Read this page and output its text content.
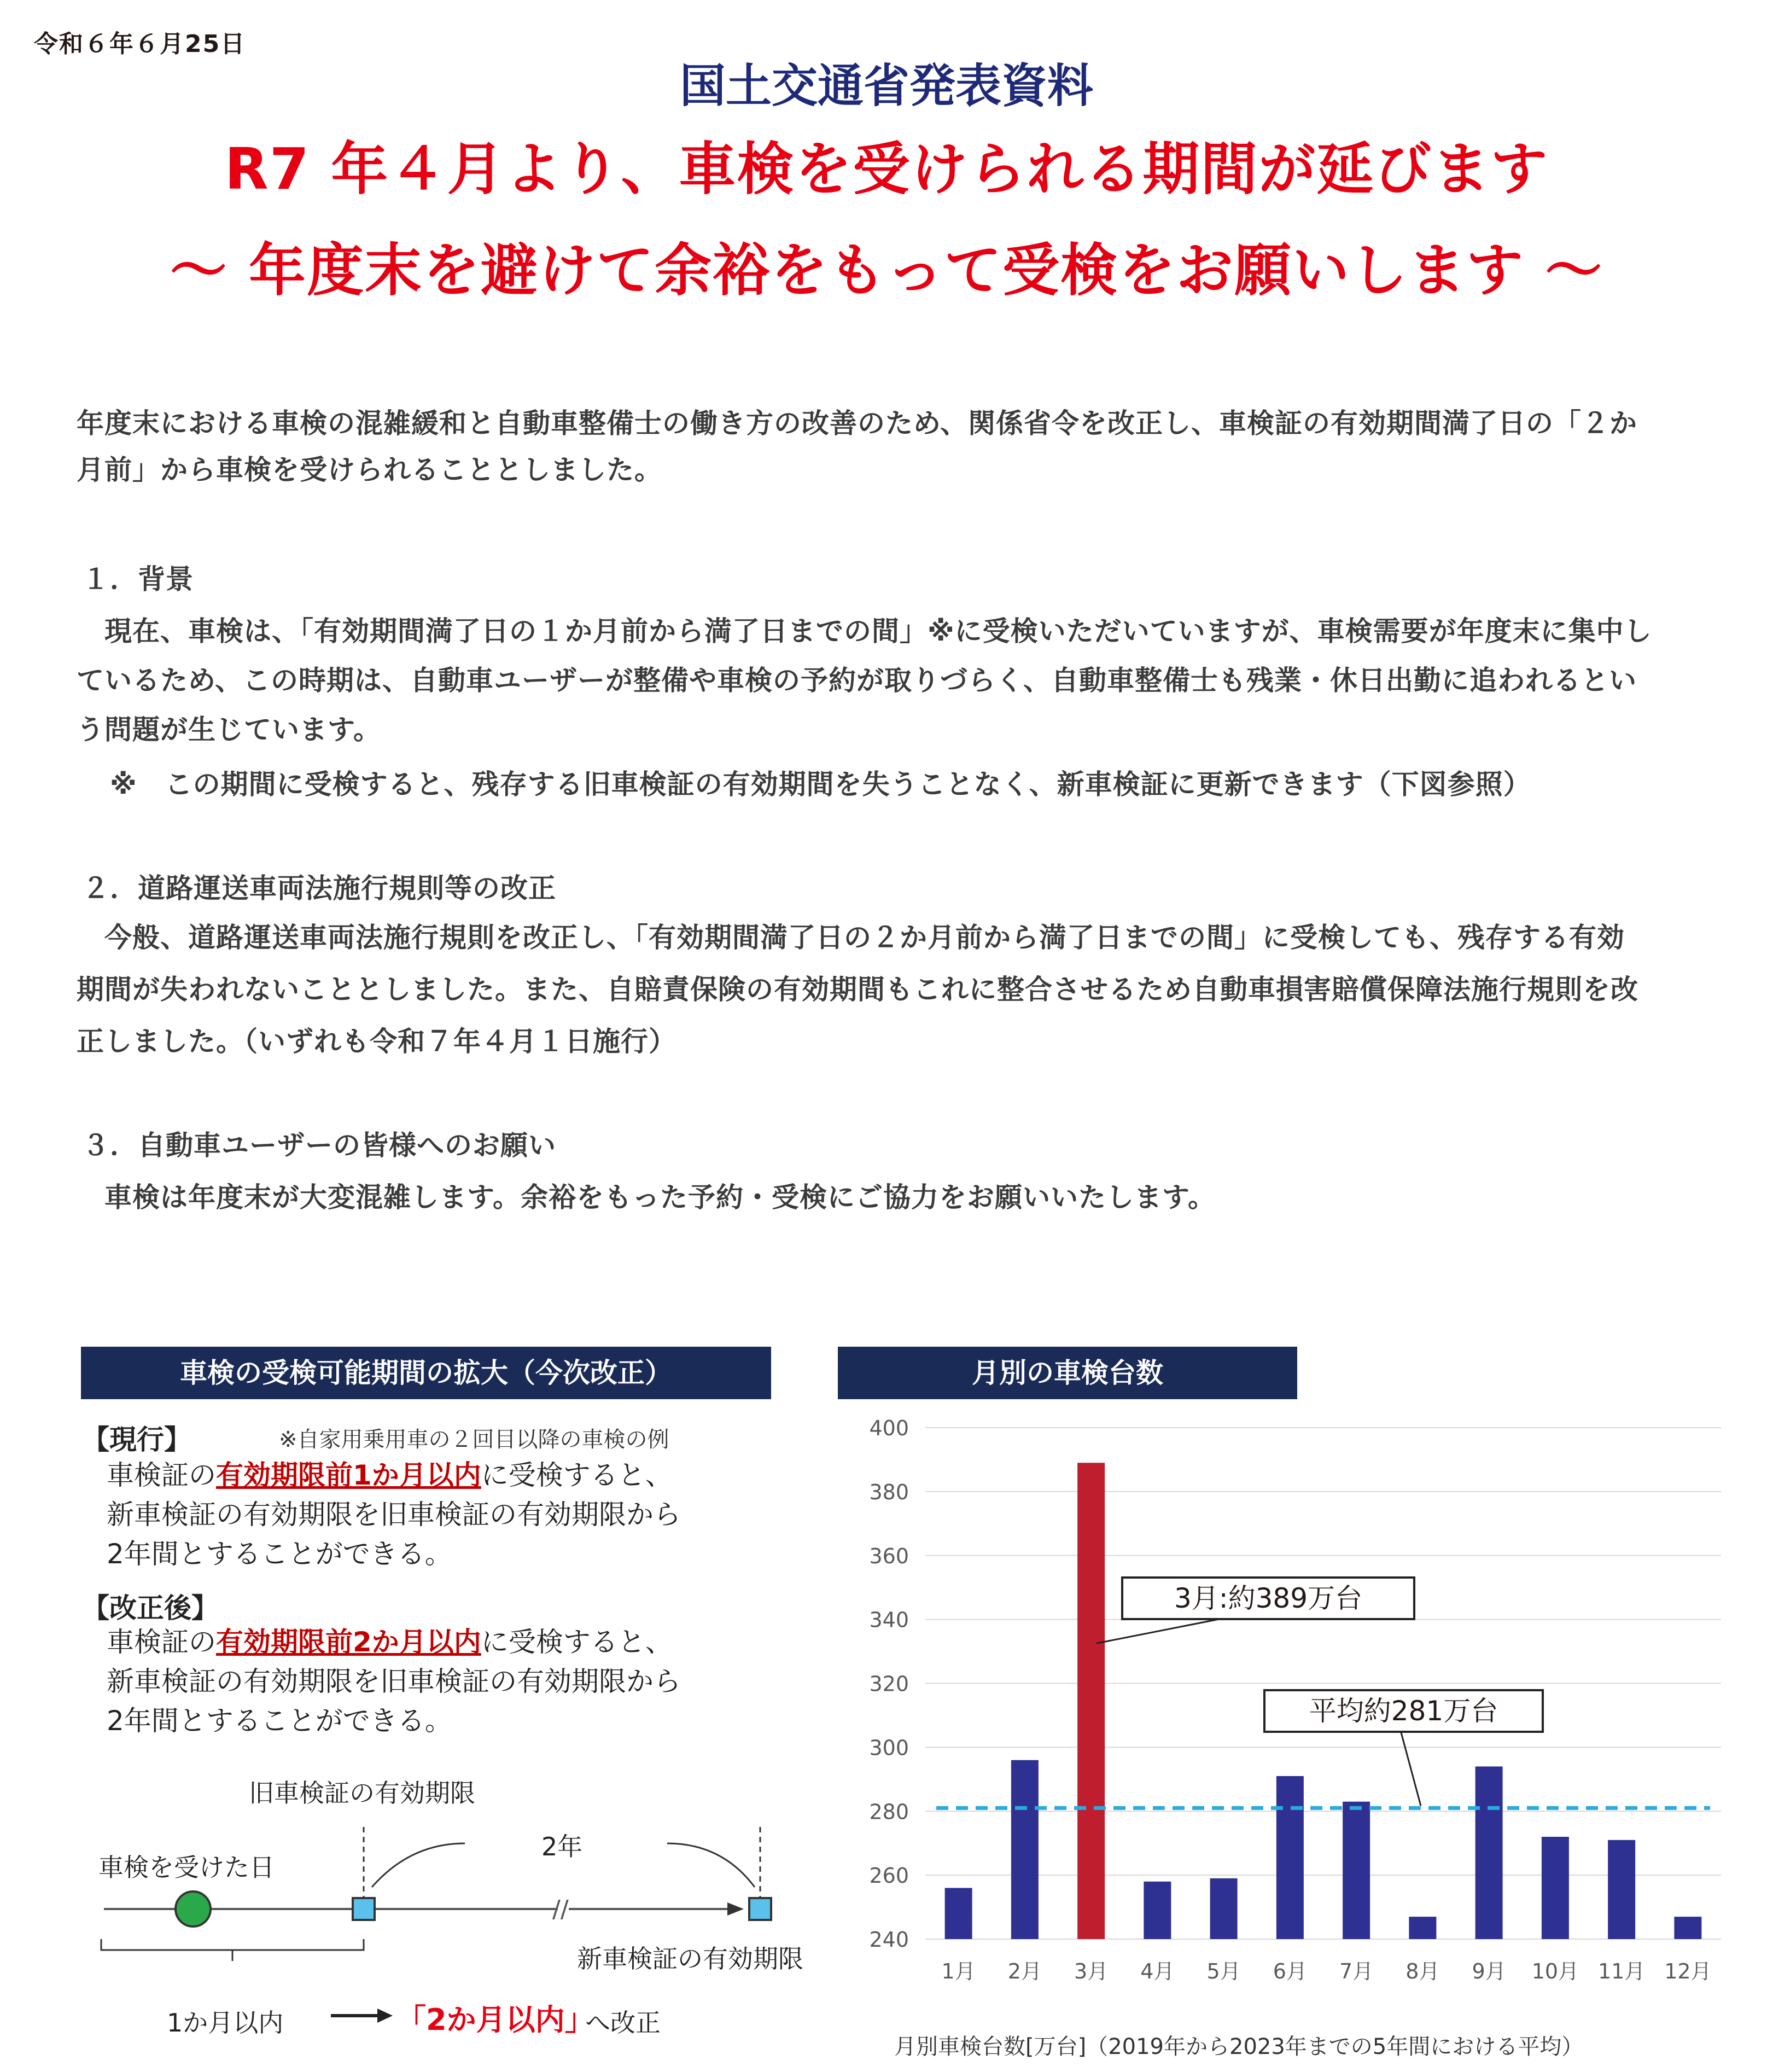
令和６年６月25日
国土交通省発表資料
R7 年４月より、車検を受けられる期間が延びます
～ 年度末を避けて余裕をもって受検をお願いします ～
年度末における車検の混雑緩和と自動車整備士の働き方の改善のため、関係省令を改正し、車検証の有効期間満了日の「２か
月前」から車検を受けられることとしました。
１．背景
　現在、車検は、「有効期間満了日の１か月前から満了日までの間」※に受検いただいていますが、車検需要が年度末に集中し
ているため、この時期は、自動車ユーザーが整備や車検の予約が取りづらく、自動車整備士も残業・休日出勤に追われるとい
う問題が生じています。
　※　この期間に受検すると、残存する旧車検証の有効期間を失うことなく、新車検証に更新できます（下図参照）
２．道路運送車両法施行規則等の改正
　今般、道路運送車両法施行規則を改正し、「有効期間満了日の２か月前から満了日までの間」に受検しても、残存する有効
期間が失われないこととしました。また、自賠責保険の有効期間もこれに整合させるため自動車損害賠償保障法施行規則を改
正しました。（いずれも令和７年４月１日施行）
３．自動車ユーザーの皆様へのお願い
　車検は年度末が大変混雑します。余裕をもった予約・受検にご協力をお願いいたします。
車検の受検可能期間の拡大（今次改正）
【現行】	※自家用乗用車の２回目以降の車検の例
車検証の有効期限前1か月以内に受検すると、
新車検証の有効期限を旧車検証の有効期限から
2年間とすることができる。
【改正後】
車検証の有効期限前2か月以内に受検すると、
新車検証の有効期限を旧車検証の有効期限から
2年間とすることができる。
//
旧車検証の有効期限
車検を受けた日
2年
新車検証の有効期限
1か月以内	「2か月以内」
へ改正
月別の車検台数
240
260
280
300
320
340
360
380
400
1月 2月 3月 4月 5月 6月 7月 8月 9月 10月 11月 12月
3月:約389万台
平均約281万台
月別車検台数[万台]（2019年から2023年までの5年間における平均）
